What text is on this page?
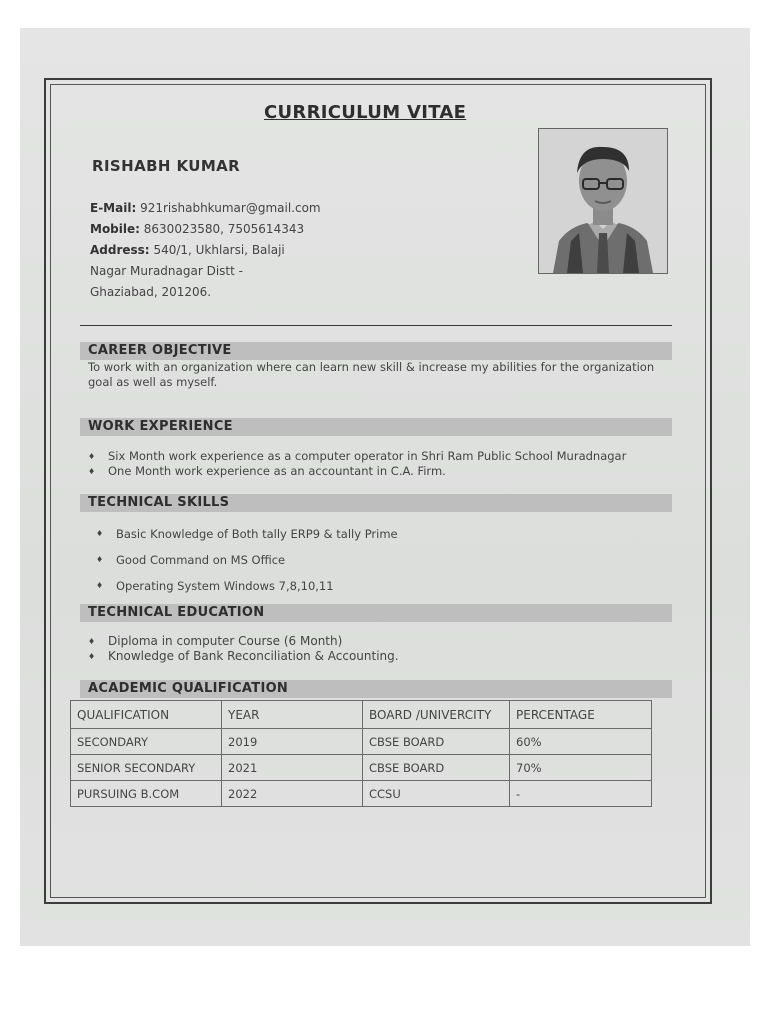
CURRICULUM VITAE
RISHABH KUMAR
E-Mail: 921rishabhkumar@gmail.com
Mobile: 8630023580, 7505614343
Address: 540/1, Ukhlarsi, Balaji
Nagar Muradnagar Distt -
Ghaziabad, 201206.
CAREER OBJECTIVE
To work with an organization where can learn new skill & increase my abilities for the organization goal as well as myself.
WORK EXPERIENCE
♦ Six Month work experience as a computer operator in Shri Ram Public School Muradnagar
♦ One Month work experience as an accountant in C.A. Firm.
TECHNICAL SKILLS
♦ Basic Knowledge of Both tally ERP9 & tally Prime
♦ Good Command on MS Office
♦ Operating System Windows 7,8,10,11
TECHNICAL EDUCATION
♦ Diploma in computer Course (6 Month)
♦ Knowledge of Bank Reconciliation & Accounting.
ACADEMIC QUALIFICATION
QUALIFICATION	YEAR	BOARD /UNIVERCITY	PERCENTAGE
SECONDARY	2019	CBSE BOARD	60%
SENIOR SECONDARY	2021	CBSE BOARD	70%
PURSUING B.COM	2022	CCSU	-
